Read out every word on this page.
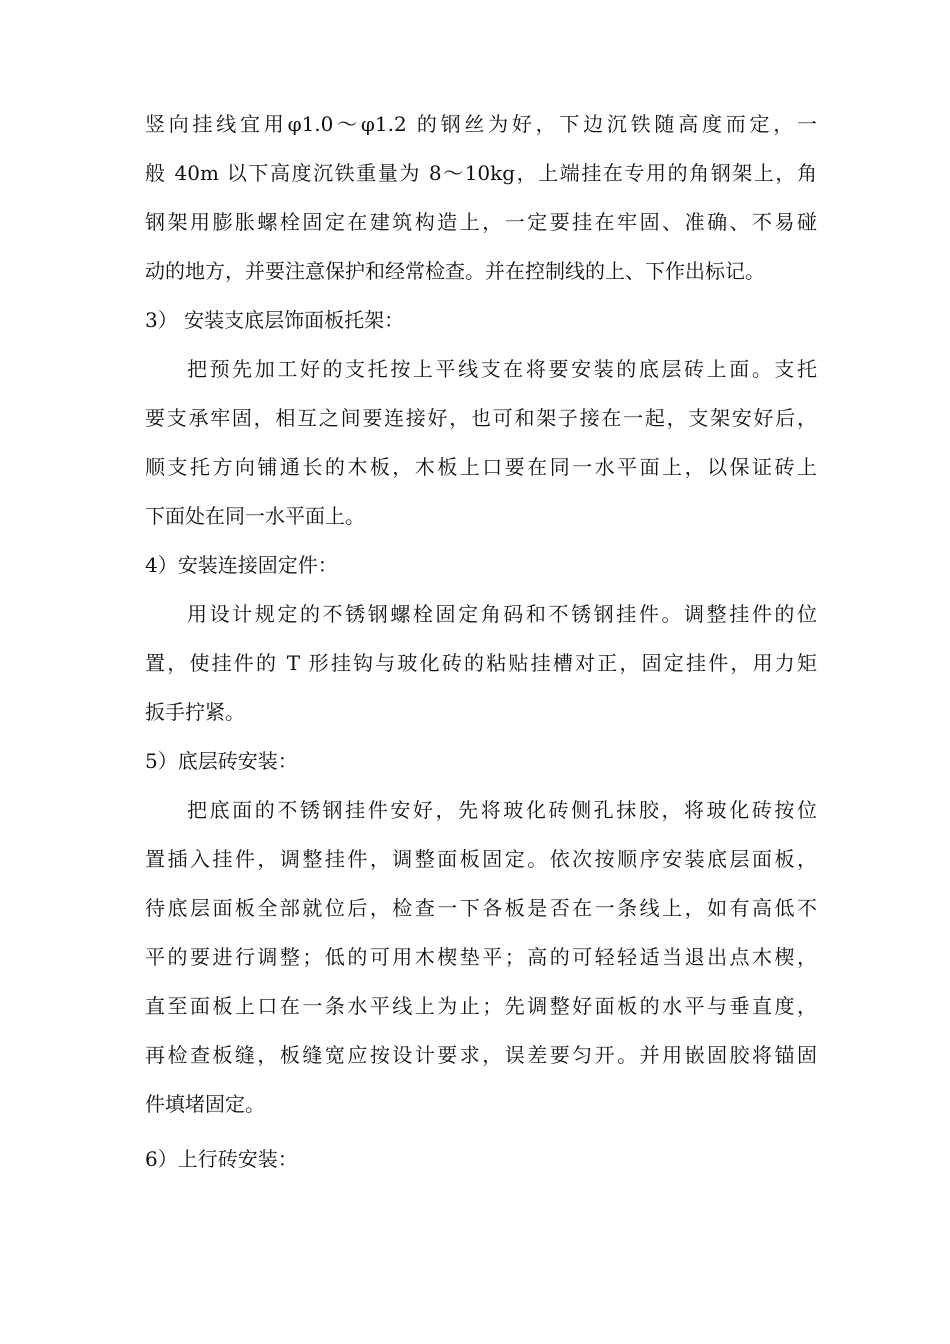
竖向挂线宜用φ1.0～φ1.2 的钢丝为好，下边沉铁随高度而定，一
般 40m 以下高度沉铁重量为 8～10kg，上端挂在专用的角钢架上，角
钢架用膨胀螺栓固定在建筑构造上，一定要挂在牢固、准确、不易碰
动的地方，并要注意保护和经常检查。并在控制线的上、下作出标记。
3） 安装支底层饰面板托架：
把预先加工好的支托按上平线支在将要安装的底层砖上面。支托
要支承牢固，相互之间要连接好，也可和架子接在一起，支架安好后，
顺支托方向铺通长的木板，木板上口要在同一水平面上，以保证砖上
下面处在同一水平面上。
4）安装连接固定件：
用设计规定的不锈钢螺栓固定角码和不锈钢挂件。调整挂件的位
置，使挂件的 T 形挂钩与玻化砖的粘贴挂槽对正，固定挂件，用力矩
扳手拧紧。
5）底层砖安装：
把底面的不锈钢挂件安好，先将玻化砖侧孔抹胶，将玻化砖按位
置插入挂件，调整挂件，调整面板固定。依次按顺序安装底层面板，
待底层面板全部就位后，检查一下各板是否在一条线上，如有高低不
平的要进行调整；低的可用木楔垫平；高的可轻轻适当退出点木楔，
直至面板上口在一条水平线上为止；先调整好面板的水平与垂直度，
再检查板缝，板缝宽应按设计要求，误差要匀开。并用嵌固胶将锚固
件填堵固定。
6）上行砖安装：
